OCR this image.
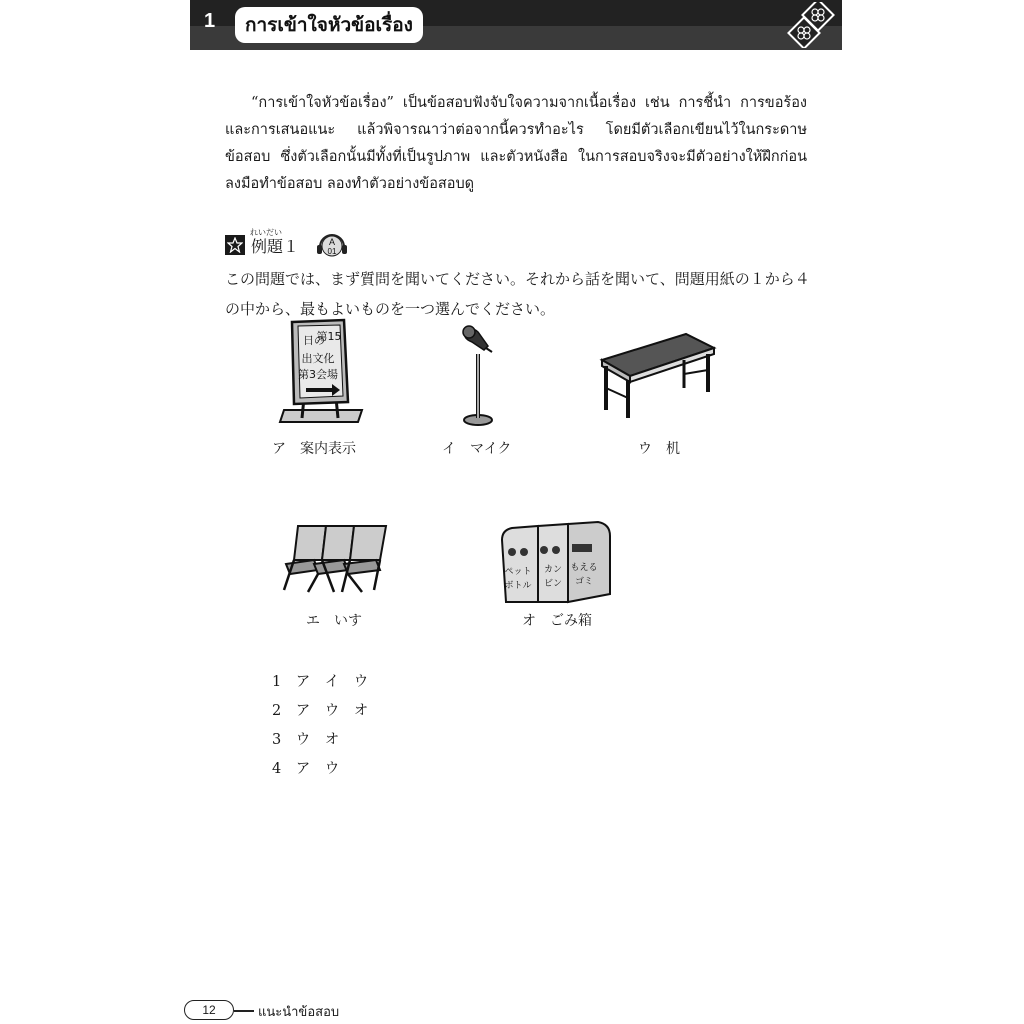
1	การเข้าใจหัวข้อเรื่อง
“การเข้าใจหัวข้อเรื่อง” เป็นข้อสอบฟังจับใจความจากเนื้อเรื่อง เช่น การชี้นำ การขอร้อง และการเสนอแนะ แล้วพิจารณาว่าต่อจากนี้ควรทำอะไร โดยมีตัวเลือกเขียนไว้ในกระดาษข้อสอบ ซึ่งตัวเลือกนั้นมีทั้งที่เป็นรูปภาพ และตัวหนังสือ ในการสอบจริงจะมีตัวอย่างให้ฝึกก่อนลงมือทำข้อสอบ ลองทำตัวอย่างข้อสอบดู
例題１
れいだい
A
01
この問題では、まず質問を聞いてください。それから話を聞いて、問題用紙の１から４
の中から、最もよいものを一つ選んでください。
第15
日の
出文化
第3会場
ア　案内表示	イ　マイク	ウ　机
エ　いす
ペット
ボトル
カン
ビン
もえる
ゴミ
オ　ごみ箱
1　ア　イ　ウ
2　ア　ウ　オ
3　ウ　オ
4　ア　ウ
12	แนะนำข้อสอบ
